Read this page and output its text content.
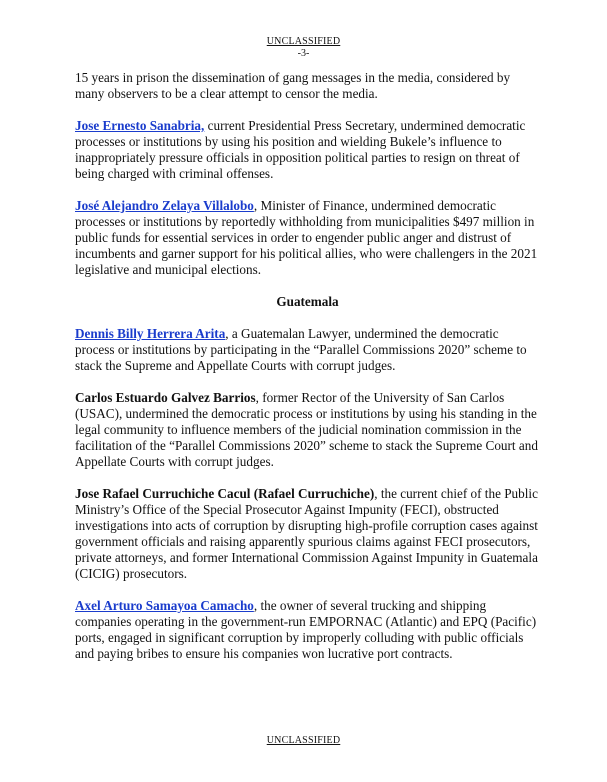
UNCLASSIFIED
-3-

15 years in prison the dissemination of gang messages in the media, considered by many observers to be a clear attempt to censor the media.

Jose Ernesto Sanabria, current Presidential Press Secretary, undermined democratic processes or institutions by using his position and wielding Bukele’s influence to inappropriately pressure officials in opposition political parties to resign on threat of being charged with criminal offenses.

José Alejandro Zelaya Villalobo, Minister of Finance, undermined democratic processes or institutions by reportedly withholding from municipalities $497 million in public funds for essential services in order to engender public anger and distrust of incumbents and garner support for his political allies, who were challengers in the 2021 legislative and municipal elections.

Guatemala

Dennis Billy Herrera Arita, a Guatemalan Lawyer, undermined the democratic process or institutions by participating in the “Parallel Commissions 2020” scheme to stack the Supreme and Appellate Courts with corrupt judges.

Carlos Estuardo Galvez Barrios, former Rector of the University of San Carlos (USAC), undermined the democratic process or institutions by using his standing in the legal community to influence members of the judicial nomination commission in the facilitation of the “Parallel Commissions 2020” scheme to stack the Supreme Court and Appellate Courts with corrupt judges.

Jose Rafael Curruchiche Cacul (Rafael Curruchiche), the current chief of the Public Ministry’s Office of the Special Prosecutor Against Impunity (FECI), obstructed investigations into acts of corruption by disrupting high-profile corruption cases against government officials and raising apparently spurious claims against FECI prosecutors, private attorneys, and former International Commission Against Impunity in Guatemala (CICIG) prosecutors.

Axel Arturo Samayoa Camacho, the owner of several trucking and shipping companies operating in the government-run EMPORNAC (Atlantic) and EPQ (Pacific) ports, engaged in significant corruption by improperly colluding with public officials and paying bribes to ensure his companies won lucrative port contracts.

UNCLASSIFIED
